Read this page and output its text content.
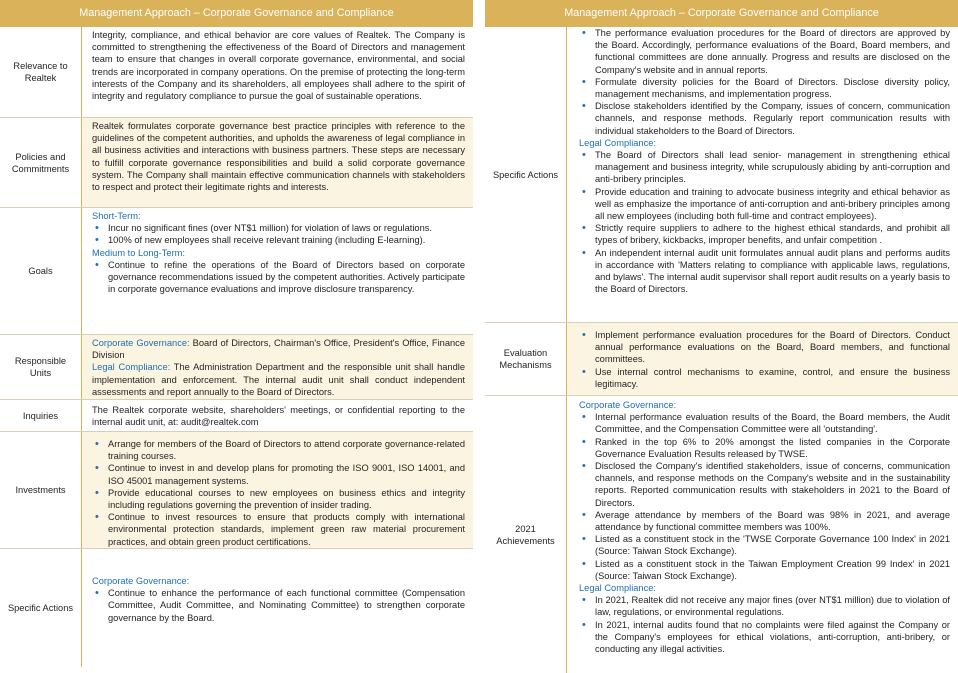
Management Approach – Corporate Governance and Compliance
Relevance to Realtek
Integrity, compliance, and ethical behavior are core values of Realtek. The Company is committed to strengthening the effectiveness of the Board of Directors and management team to ensure that changes in overall corporate governance, environmental, and social trends are incorporated in company operations. On the premise of protecting the long-term interests of the Company and its shareholders, all employees shall adhere to the spirit of integrity and regulatory compliance to pursue the goal of sustainable operations.
Policies and Commitments
Realtek formulates corporate governance best practice principles with reference to the guidelines of the competent authorities, and upholds the awareness of legal compliance in all business activities and interactions with business partners. These steps are necessary to fulfill corporate governance responsibilities and build a solid corporate governance system. The Company shall maintain effective communication channels with stakeholders to respect and protect their legitimate rights and interests.
Goals
Short-Term:
• Incur no significant fines (over NT$1 million) for violation of laws or regulations.
• 100% of new employees shall receive relevant training (including E-learning).
Medium to Long-Term:
• Continue to refine the operations of the Board of Directors based on corporate governance recommendations issued by the competent authorities. Actively participate in corporate governance evaluations and improve disclosure transparency.
Responsible Units
Corporate Governance: Board of Directors, Chairman's Office, President's Office, Finance Division
Legal Compliance: The Administration Department and the responsible unit shall handle implementation and enforcement. The internal audit unit shall conduct independent assessments and report annually to the Board of Directors.
Inquiries
The Realtek corporate website, shareholders' meetings, or confidential reporting to the internal audit unit, at: audit@realtek.com
Investments
• Arrange for members of the Board of Directors to attend corporate governance-related training courses.
• Continue to invest in and develop plans for promoting the ISO 9001, ISO 14001, and ISO 45001 management systems.
• Provide educational courses to new employees on business ethics and integrity including regulations governing the prevention of insider trading.
• Continue to invest resources to ensure that products comply with international environmental protection standards, implement green raw material procurement practices, and obtain green product certifications.
Specific Actions
Corporate Governance:
• Continue to enhance the performance of each functional committee (Compensation Committee, Audit Committee, and Nominating Committee) to strengthen corporate governance by the Board.
Management Approach – Corporate Governance and Compliance
Specific Actions
• The performance evaluation procedures for the Board of directors are approved by the Board. Accordingly, performance evaluations of the Board, Board members, and functional committees are done annually. Progress and results are disclosed on the Company's website and in annual reports.
• Formulate diversity policies for the Board of Directors. Disclose diversity policy, management mechanisms, and implementation progress.
• Disclose stakeholders identified by the Company, issues of concern, communication channels, and response methods. Regularly report communication results with individual stakeholders to the Board of Directors.
Legal Compliance:
• The Board of Directors shall lead senior- management in strengthening ethical management and business integrity, while scrupulously abiding by anti-corruption and anti-bribery principles.
• Provide education and training to advocate business integrity and ethical behavior as well as emphasize the importance of anti-corruption and anti-bribery principles among all new employees (including both full-time and contract employees).
• Strictly require suppliers to adhere to the highest ethical standards, and prohibit all types of bribery, kickbacks, improper benefits, and unfair competition .
• An independent internal audit unit formulates annual audit plans and performs audits in accordance with 'Matters relating to compliance with applicable laws, regulations, and bylaws'. The internal audit supervisor shall report audit results on a yearly basis to the Board of Directors.
Evaluation Mechanisms
• Implement performance evaluation procedures for the Board of Directors. Conduct annual performance evaluations on the Board, Board members, and functional committees.
• Use internal control mechanisms to examine, control, and ensure the business legitimacy.
2021 Achievements
Corporate Governance:
• Internal performance evaluation results of the Board, the Board members, the Audit Committee, and the Compensation Committee were all 'outstanding'.
• Ranked in the top 6% to 20% amongst the listed companies in the Corporate Governance Evaluation Results released by TWSE.
• Disclosed the Company's identified stakeholders, issue of concerns, communication channels, and response methods on the Company's website and in the sustainability reports. Reported communication results with stakeholders in 2021 to the Board of Directors.
• Average attendance by members of the Board was 98% in 2021, and average attendance by functional committee members was 100%.
• Listed as a constituent stock in the 'TWSE Corporate Governance 100 Index' in 2021 (Source: Taiwan Stock Exchange).
• Listed as a constituent stock in the Taiwan Employment Creation 99 Index' in 2021 (Source: Taiwan Stock Exchange).
Legal Compliance:
• In 2021, Realtek did not receive any major fines (over NT$1 million) due to violation of law, regulations, or environmental regulations.
• In 2021, internal audits found that no complaints were filed against the Company or the Company's employees for ethical violations, anti-corruption, anti-bribery, or conducting any illegal activities.
